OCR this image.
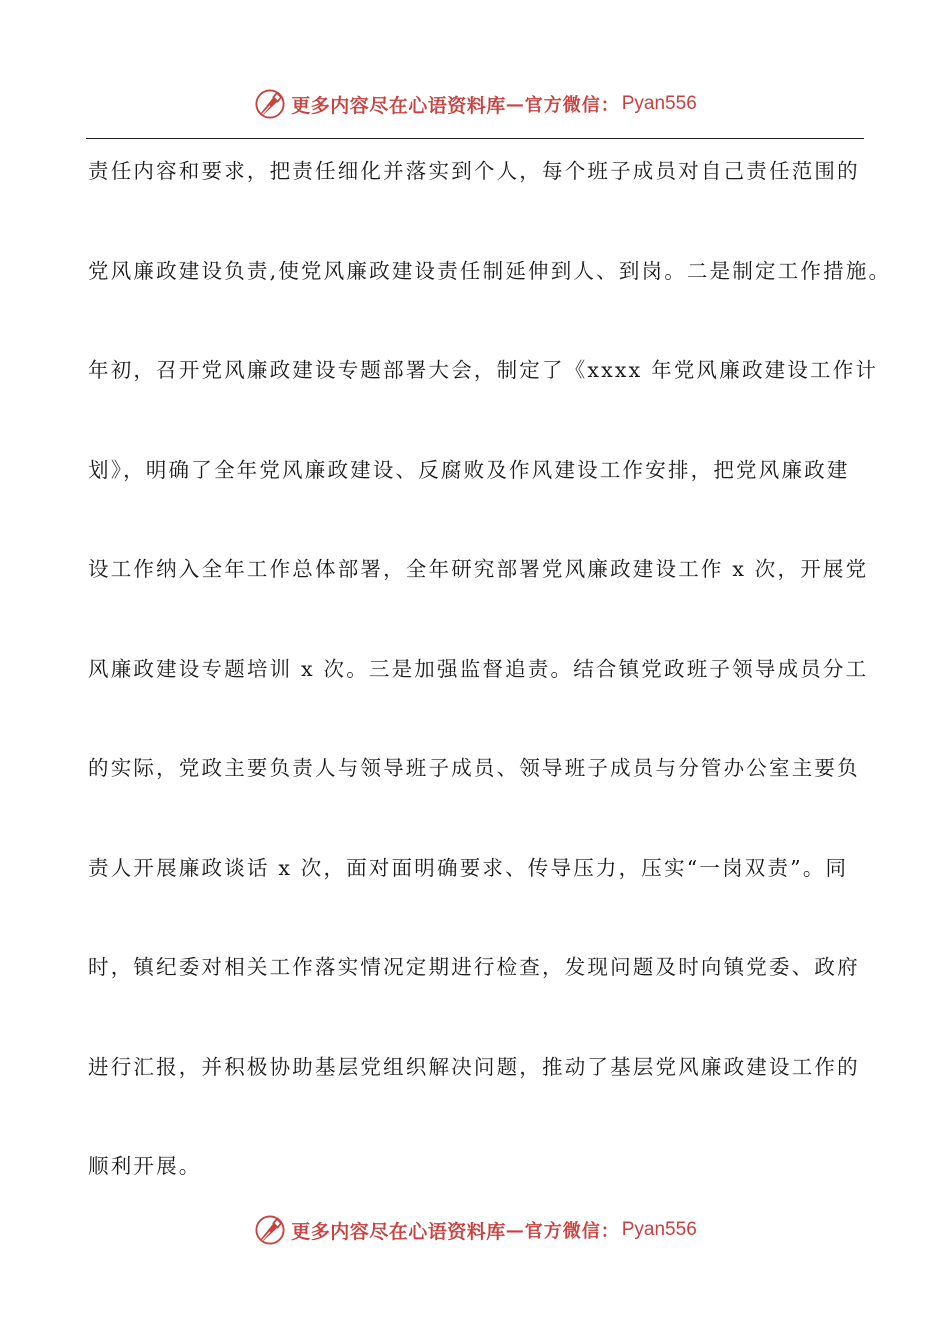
更多内容尽在心语资料库 — 官方微信： Pyan556
责任内容和要求，把责任细化并落实到个人，每个班子成员对自己责任范围的
党风廉政建设负责,使党风廉政建设责任制延伸到人、到岗。二是制定工作措施。
年初，召开党风廉政建设专题部署大会，制定了《xxxx 年党风廉政建设工作计
划》，明确了全年党风廉政建设、反腐败及作风建设工作安排，把党风廉政建
设工作纳入全年工作总体部署，全年研究部署党风廉政建设工作 x 次，开展党
风廉政建设专题培训 x 次。三是加强监督追责。结合镇党政班子领导成员分工
的实际，党政主要负责人与领导班子成员、领导班子成员与分管办公室主要负
责人开展廉政谈话 x 次，面对面明确要求、传导压力，压实“一岗双责”。同
时，镇纪委对相关工作落实情况定期进行检查，发现问题及时向镇党委、政府
进行汇报，并积极协助基层党组织解决问题，推动了基层党风廉政建设工作的
顺利开展。
更多内容尽在心语资料库 — 官方微信： Pyan556
